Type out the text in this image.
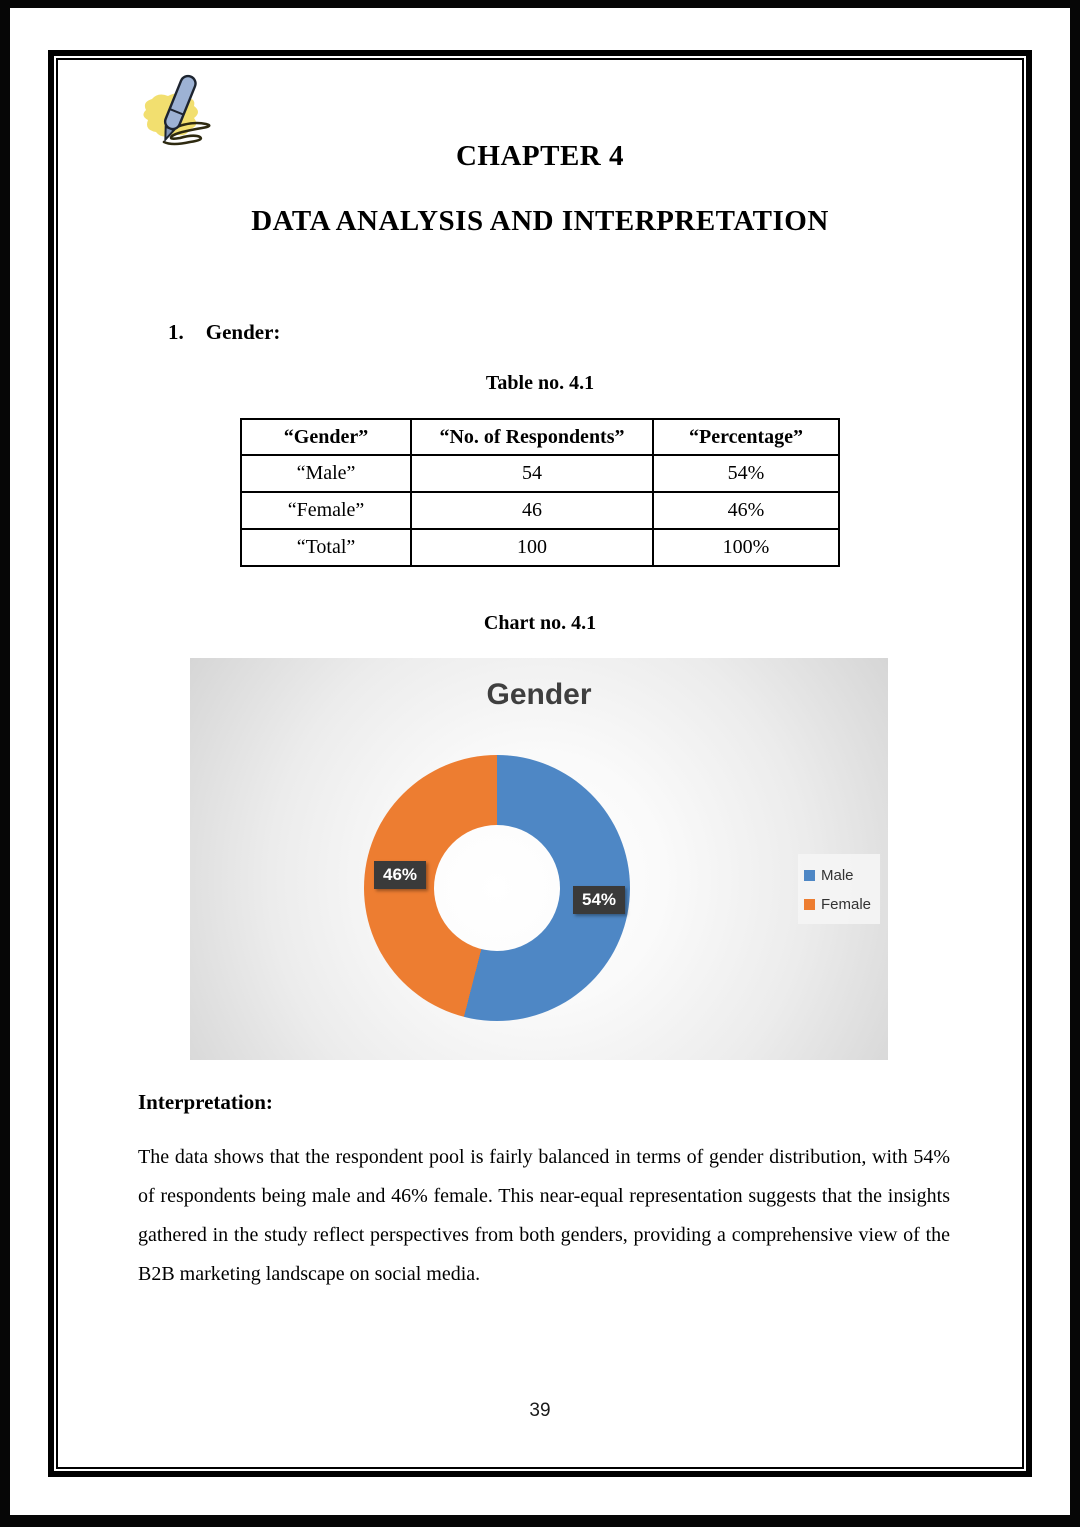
CHAPTER 4
DATA ANALYSIS AND INTERPRETATION
1. Gender:
Table no. 4.1
“Gender”	“No. of Respondents”	“Percentage”
“Male”	54	54%
“Female”	46	46%
“Total”	100	100%
Chart no. 4.1
Gender
46%
54%
Male
Female
Interpretation:
The data shows that the respondent pool is fairly balanced in terms of gender distribution, with 54% of respondents being male and 46% female. This near-equal representation suggests that the insights gathered in the study reflect perspectives from both genders, providing a comprehensive view of the B2B marketing landscape on social media.
39
